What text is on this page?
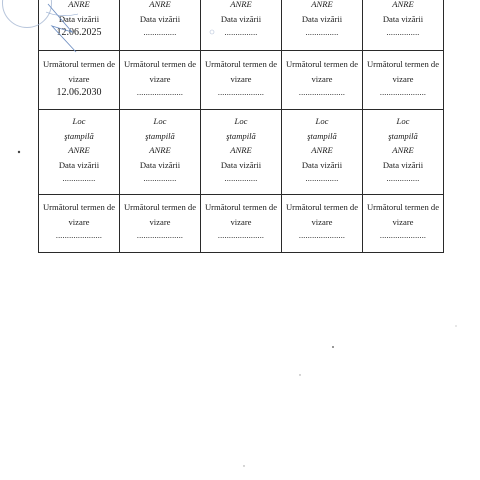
ANRE
Data vizării
12.06.2025	ANRE
Data vizării
...............	ANRE
Data vizării
...............	ANRE
Data vizării
...............	ANRE
Data vizării
...............

Următorul termen de
vizare
12.06.2030	Următorul termen de
vizare
.....................	Următorul termen de
vizare
.....................	Următorul termen de
vizare
.....................	Următorul termen de
vizare
.....................

Loc
ştampilă
ANRE
Data vizării
...............	Loc
ştampilă
ANRE
Data vizării
...............	Loc
ştampilă
ANRE
Data vizării
...............	Loc
ştampilă
ANRE
Data vizării
...............	Loc
ştampilă
ANRE
Data vizării
...............

Următorul termen de
vizare
.....................	Următorul termen de
vizare
.....................	Următorul termen de
vizare
.....................	Următorul termen de
vizare
.....................	Următorul termen de
vizare
.....................
